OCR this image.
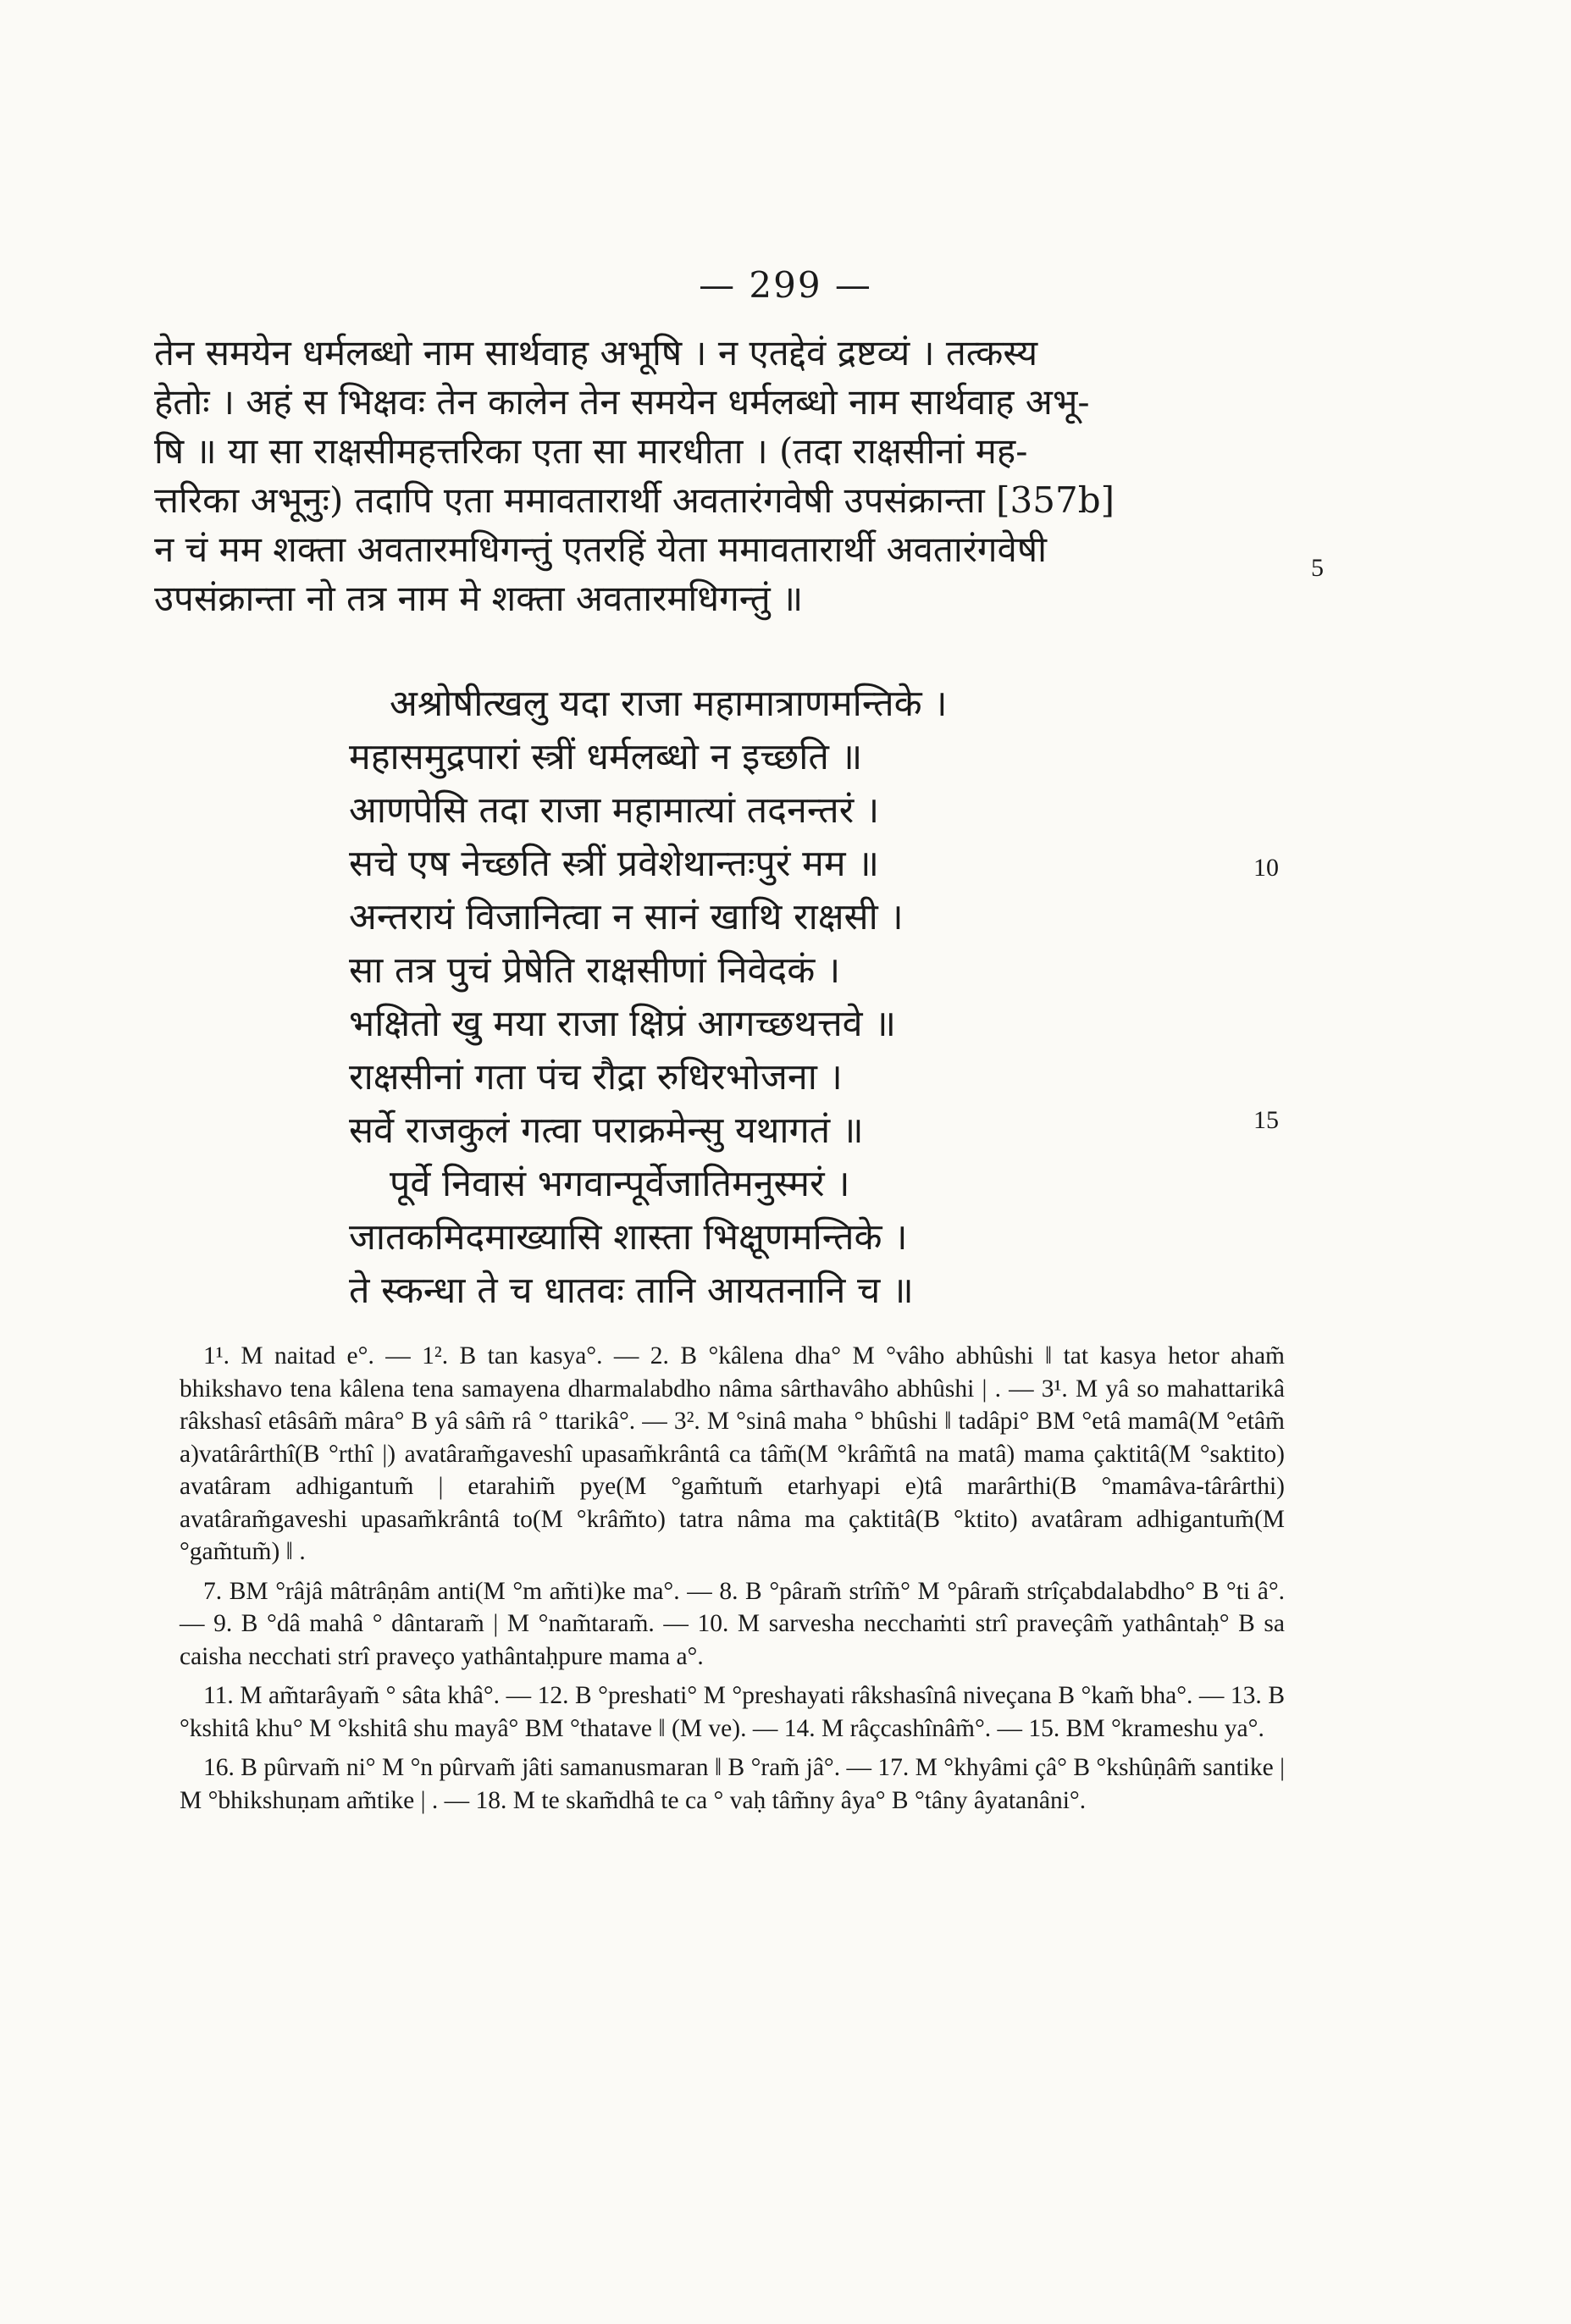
— 299 —
तेन समयेन धर्मलब्धो नाम सार्थवाह अभूषि । न एतद्देवं द्रष्टव्यं । तत्कस्य
हेतोः । अहं स भिक्षवः तेन कालेन तेन समयेन धर्मलब्धो नाम सार्थवाह अभू-
षि ॥ या सा राक्षसीमहत्तरिका एता सा मारधीता । (तदा राक्षसीनां मह-
त्तरिका अभूनुः) तदापि एता ममावतारार्थी अवतारंगवेषी उपसंक्रान्ता [357b]
न चं मम शक्ता अवतारमधिगन्तुं एतरहिं येता ममावतारार्थी अवतारंगवेषी
उपसंक्रान्ता नो तत्र नाम मे शक्ता अवतारमधिगन्तुं ॥
5
अश्रोषीत्खलु यदा राजा महामात्राणमन्तिके ।
महासमुद्रपारां स्त्रीं धर्मलब्धो न इच्छति ॥
आणपेसि तदा राजा महामात्यां तदनन्तरं ।
सचे एष नेच्छति स्त्रीं प्रवेशेथान्तःपुरं मम ॥
अन्तरायं विजानित्वा न सानं खाथि राक्षसी ।
सा तत्र पुचं प्रेषेति राक्षसीणां निवेदकं ।
भक्षितो खु मया राजा क्षिप्रं आगच्छथत्तवे ॥
राक्षसीनां गता पंच रौद्रा रुधिरभोजना ।
सर्वे राजकुलं गत्वा पराक्रमेन्सु यथागतं ॥
पूर्वे निवासं भगवान्पूर्वेजातिमनुस्मरं ।
जातकमिदमाख्यासि शास्ता भिक्षूणमन्तिके ।
ते स्कन्धा ते च धातवः तानि आयतनानि च ॥
10
15

1¹. M naitad e°. — 1². B tan kasya°. — 2. B °kâlena dha° M °vâho abhûshi ‖ tat kasya hetor aham̃ bhikshavo tena kâlena tena samayena dharmalabdho nâma sârthavâho abhûshi | . — 3¹. M yâ so mahattarikâ râkshasî etâsâm̃ mâra° B yâ sâm̃ râ ° ttarikâ°. — 3². M °sinâ maha ° bhûshi ‖ tadâpi° BM °etâ mamâ(M °etâm̃ a)vatârârthî(B °rthî |) avatâram̃gaveshî upasam̃krântâ ca tâm̃(M °krâm̃tâ na matâ) mama çaktitâ(M °saktito) avatâram adhigantum̃ | etarahim̃ pye(M °gam̃tum̃ etarhyapi e)tâ marârthi(B °mamâva-târârthi) avatâram̃gaveshi upasam̃krântâ to(M °krâm̃to) tatra nâma ma çaktitâ(B °ktito) avatâram adhigantum̃(M °gam̃tum̃) ‖ .

7. BM °râjâ mâtrâṇâm anti(M °m am̃ti)ke ma°. — 8. B °pâram̃ strîm̃° M °pâram̃ strîçabdalabdho° B °ti â°. — 9. B °dâ mahâ ° dântaram̃ | M °nam̃taram̃. — 10. M sarvesha necchaṁti strî praveçâm̃ yathântaḥ° B sa caisha necchati strî praveço yathântaḥpure mama a°.

11. M am̃tarâyam̃ ° sâta khâ°. — 12. B °preshati° M °preshayati râkshasînâ niveçana B °kam̃ bha°. — 13. B °kshitâ khu° M °kshitâ shu mayâ° BM °thatave ‖ (M ve). — 14. M râçcashînâm̃°. — 15. BM °krameshu ya°.

16. B pûrvam̃ ni° M °n pûrvam̃ jâti samanusmaran ‖ B °ram̃ jâ°. — 17. M °khyâmi çâ° B °kshûṇâm̃ santike | M °bhikshuṇam am̃tike | . — 18. M te skam̃dhâ te ca ° vaḥ tâm̃ny âya° B °tâny âyatanâni°.
